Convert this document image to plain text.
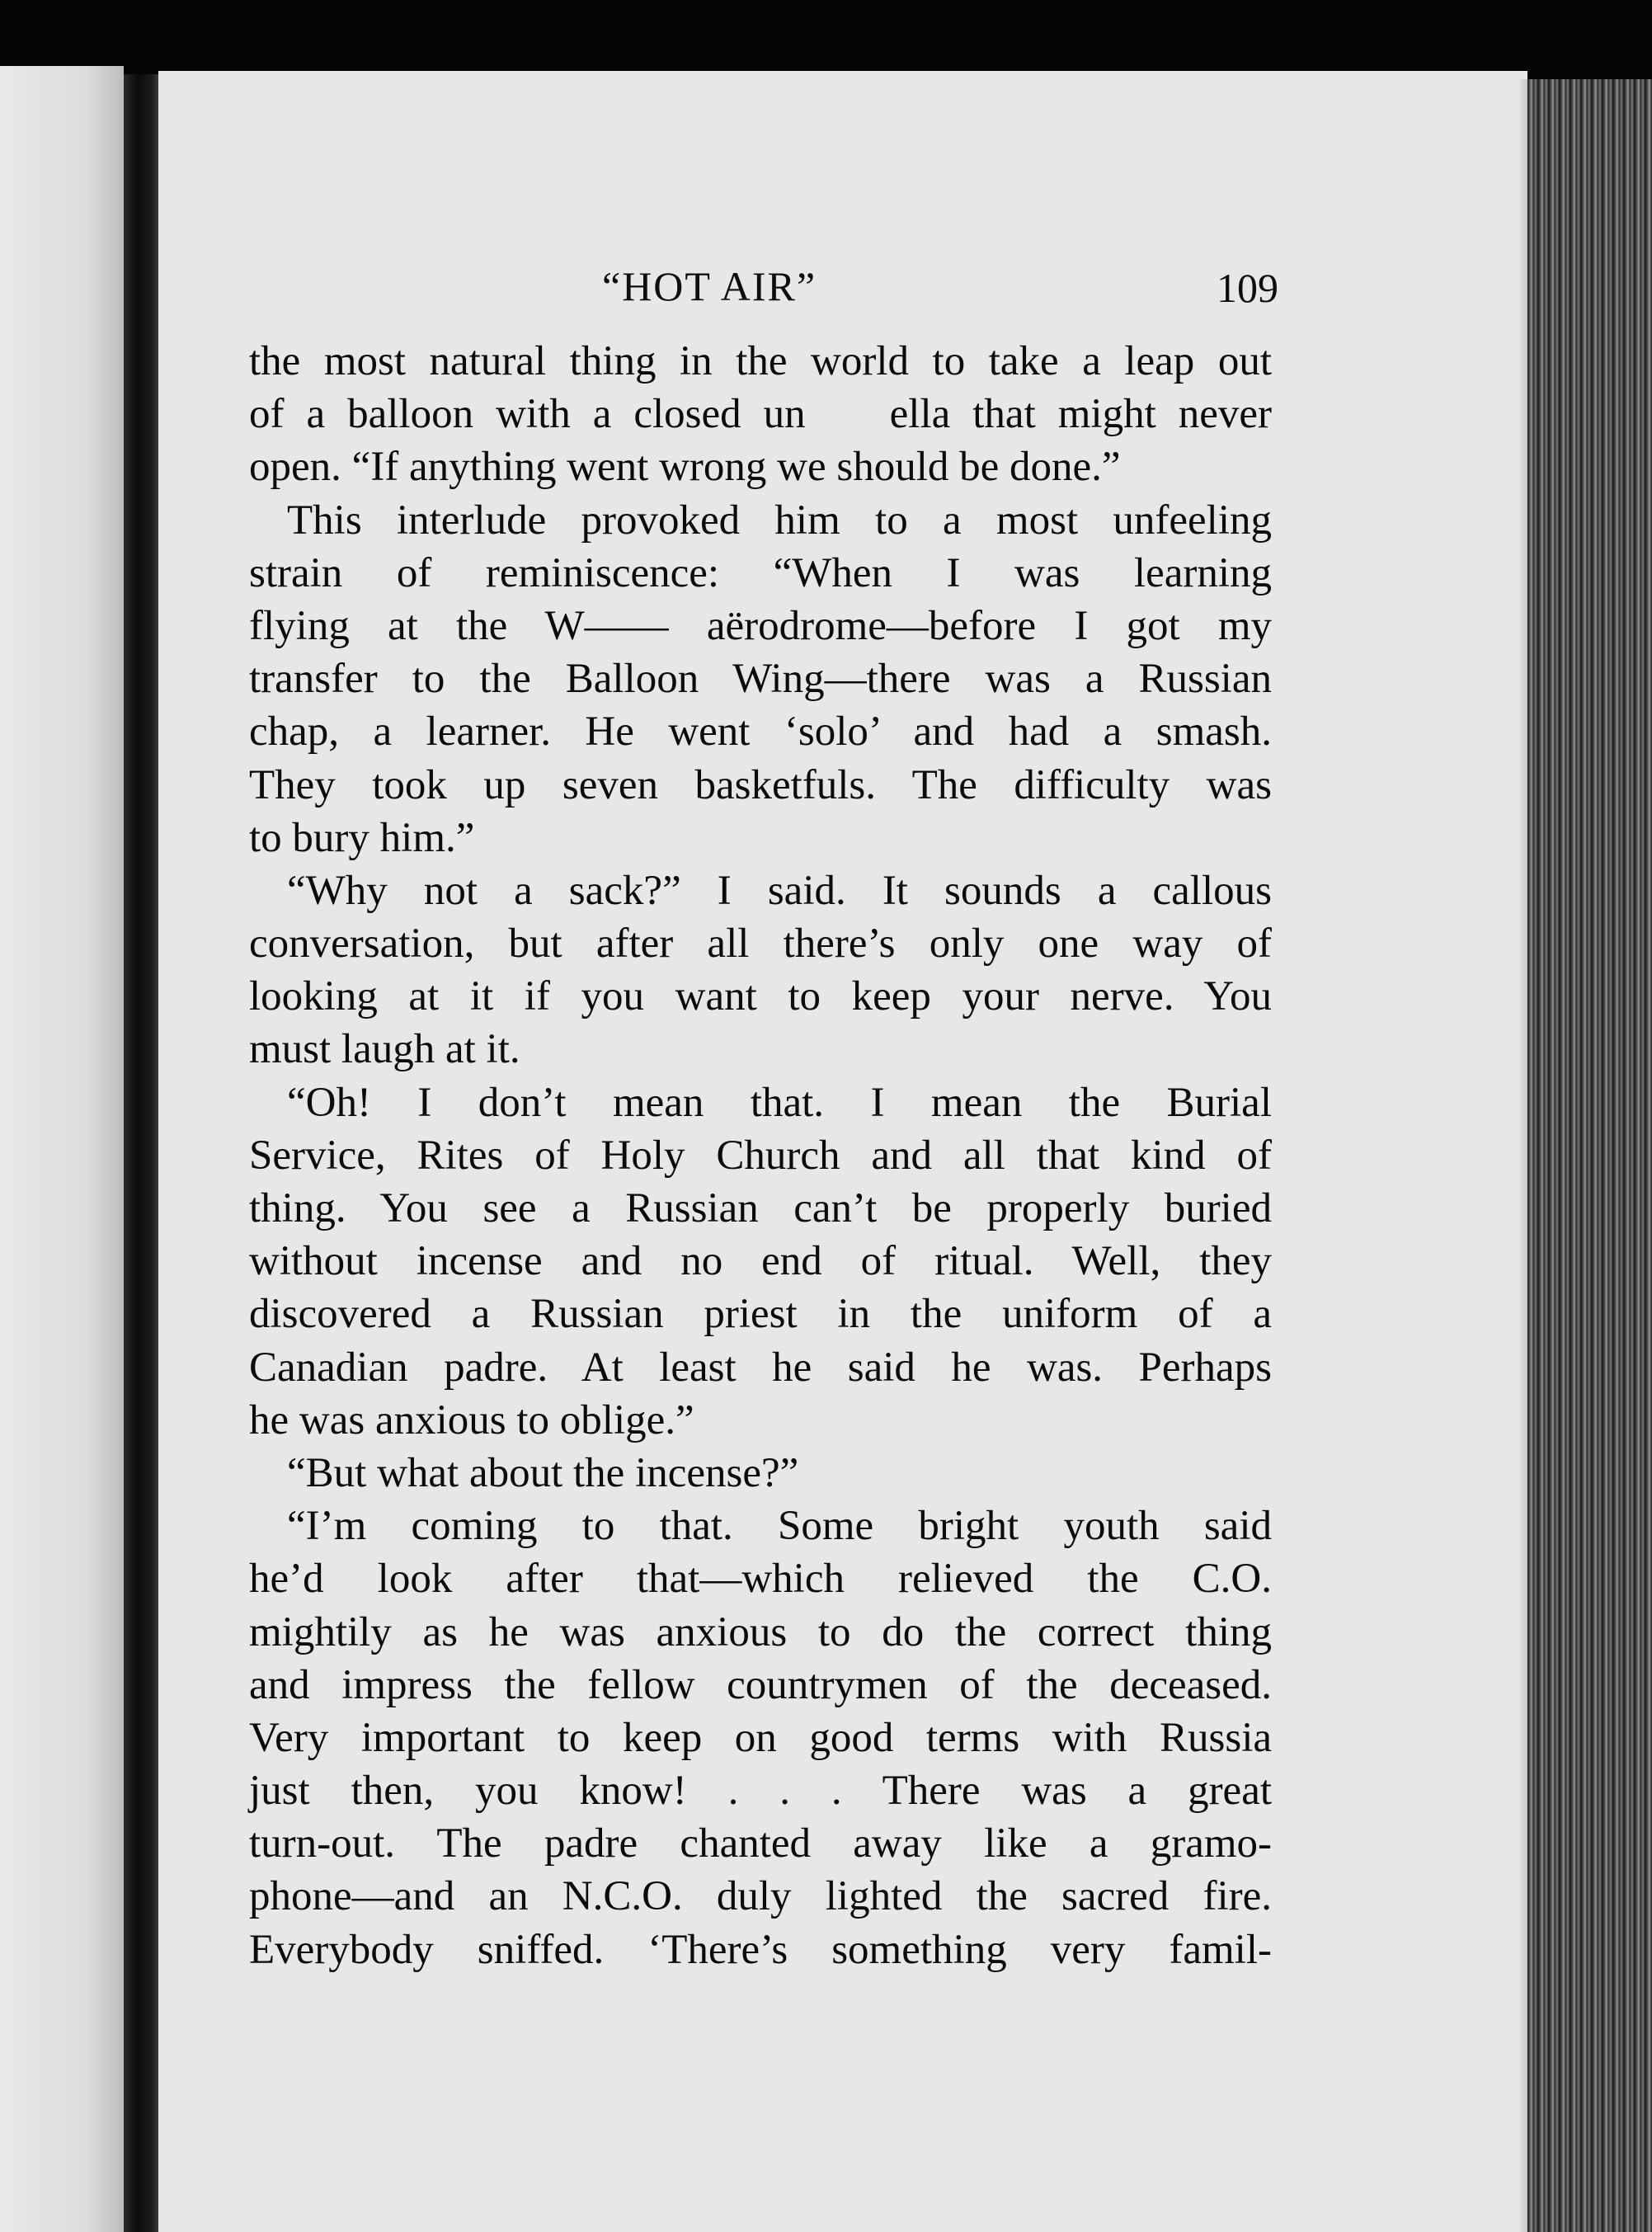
“HOT AIR”	109
the most natural thing in the world to take a leap out
of a balloon with a closed un  ella that might never
open. “If anything went wrong we should be done.”
This interlude provoked him to a most unfeeling
strain of reminiscence: “When I was learning
flying at the W—— aërodrome—before I got my
transfer to the Balloon Wing—there was a Russian
chap, a learner. He went ‘solo’ and had a smash.
They took up seven basketfuls. The difficulty was
to bury him.”
“Why not a sack?” I said. It sounds a callous
conversation, but after all there’s only one way of
looking at it if you want to keep your nerve. You
must laugh at it.
“Oh! I don’t mean that. I mean the Burial
Service, Rites of Holy Church and all that kind of
thing. You see a Russian can’t be properly buried
without incense and no end of ritual. Well, they
discovered a Russian priest in the uniform of a
Canadian padre. At least he said he was. Perhaps
he was anxious to oblige.”
“But what about the incense?”
“I’m coming to that. Some bright youth said
he’d look after that—which relieved the C.O.
mightily as he was anxious to do the correct thing
and impress the fellow countrymen of the deceased.
Very important to keep on good terms with Russia
just then, you know! . . . There was a great
turn-out. The padre chanted away like a gramo-
phone—and an N.C.O. duly lighted the sacred fire.
Everybody sniffed. ‘There’s something very famil-
